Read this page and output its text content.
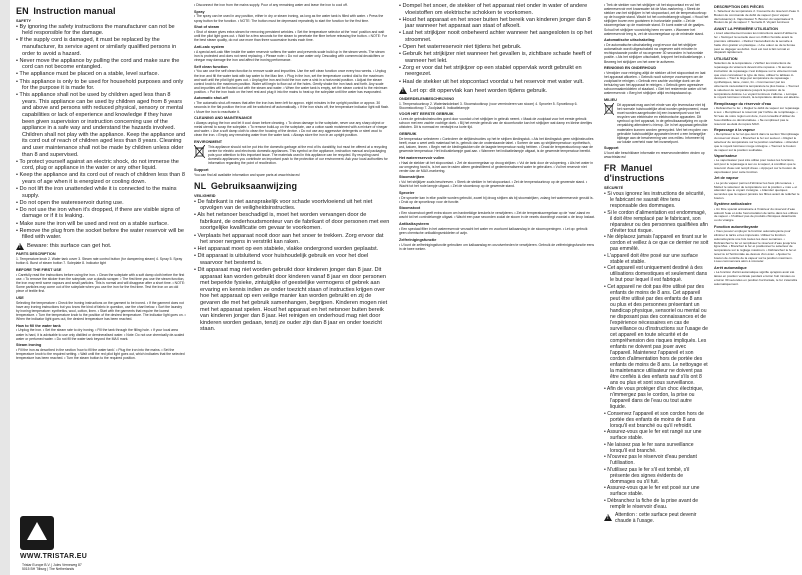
EN Instruction manual
SAFETY

• By ignoring the safety instructions the manufacturer can not be held responsible for the damage.

• If the supply cord is damaged, it must be replaced by the manufacturer, its service agent or similarly qualified persons in order to avoid a hazard.

• Never move the appliance by pulling the cord and make sure the cord can not become entangled.

• The appliance must be placed on a stable, level surface.

• This appliance is only to be used for household purposes and only for the purpose it is made for.

• This appliance shall not be used by children aged less than 8 years. This appliance can be used by children aged from 8 years and above and persons with reduced physical, sensory or mental capabilities or lack of experience and knowledge if they have been given supervision or instruction concerning use of the appliance in a safe way and understand the hazards involved. Children shall not play with the appliance. Keep the appliance and its cord out of reach of children aged less than 8 years. Cleaning and user maintenance shall not be made by children unless older than 8 and supervised.

• To protect yourself against an electric shock, do not immerse the cord, plug or appliance in the water or any other liquid.

• Keep the appliance and its cord out of reach of children less than 8 years of age when it is energized or cooling down.

• Do not lift the iron unattended while it is connected to the mains supply.

• Do not open the watereservoir during use.

• Do not use the iron when it's dropped, if there are visible signs of damage or if it is leaking.

• Make sure the iron will be used and rest on a stable surface.

• Remove the plug from the socket before the water reservoir will be filled with water.

!
Beware: this surface can get hot.
PARTS DESCRIPTION

1. Temperature knob 2. Water tank cover 3. Steam rate control button (for dampening steam) 4. Spray 5. Spray button 6. Burst of steam button 7. Soleplate 8. Indicator light

BEFORE THE FIRST USE

• Carefully read the instructions before using the iron. • Clean the soleplate with a soft damp cloth before the first use. • To remove the sticker from the soleplate, use a plastic scraper. • The first time you use the steam function, the iron may emit some vapours and small particles. This is normal and will disappear after a short time. • NOTE: Some particles may come out of the soleplate when you use the iron for the first time. Test the iron on an old piece of textile first.

USE

Selecting the temperature • Check the ironing instructions on the garment to be ironed. • If the garment does not have any ironing instructions but you know the kind of fabric in question, use the chart below. • Sort the laundry by ironing temperature: synthetics, wool, cotton, linen. • Start with the garments that require the lowest temperature. • Turn the temperature knob to the position of the desired temperature. The indicator light goes on. • When the indicator light goes out, the desired temperature has been reached.

How to fill the water tank

• Unplug the iron. • Set the steam rate to dry ironing. • Fill the tank through the filling hole. • If your local area water is hard, it is advisable to use only distilled or demineralised water. • Note: Do not use chemically de-scaled water or perfumed water. • Do not fill the water tank beyond the MAX mark.

Steam ironing

• Fill the iron as described in the section 'how to fill the water tank'. • Plug the iron into the mains. • Set the temperature knob to the required setting. • Wait until the red pilot light goes out, which indicates that the selected temperature has been reached. • Turn the steam button to the required position.

WWW.TRISTAR.EU
Tristar Europe B.V. | Jules Verneweg 87
5015 BH Tilburg | The Netherlands

• Disconnect the iron from the mains supply. Pour of any remaining water and leave the iron to cool off.

Spray

• The spray can be used in any position, either in dry or steam ironing, as long as the water tank is filled with water. • Press the spray button for the function. • NOTE: The button must be depressed repeatedly to start the function for the first time.

Shot of steam

• Shot of steam gives extra steam for removing persistent wrinkles. • Set the temperature selector at the 'max' position and wait until the pilot light goes out. • Wait for a few seconds for the steam to penetrate the fibre before releasing the button. • NOTE: For the best steam quality, do not use more than three successive bursts each time.

Anti-calc system

• A special anti-calc filter inside the water reservoir softens the water and prevents scale build up in the steam vents. The steam iron is protected and does not need replacing. • Please note: • Do not use water only. Descaling with commercial decalcifiers or vinegar may damage the iron and affect the ironing performance.

Self clean function

• You can use the self clean function to remove scale and impurities. Use the self clean function once every two weeks. • Unplug the iron and fill the water tank with tap water to the Max line. • Plug in the iron, set the temperature control dial to the maximum and wait until the pilot light goes out. • Unplug the iron and hold the iron over a sink in a horizontal position. • Adjust the steam control knob to the maximum position. Water will begin to flow out of the holes. Gently shake the iron back and forth. Any scale and impurities will be flushed out with the steam and water. • When the water tank is empty, set the steam control to the minimum position. • Put the iron back on the heel rest and plug it into the mains to heat up the soleplate until the water has evaporated.

Automatic shut-off

• The automatic shut-off means that after the iron has been left for approx. eight minutes in the upright position or approx. 30 seconds in the flat position the iron will be switched off automatically. • If the iron shuts off, the temperature indicator light will flash. • Move the iron to reactivate it.

CLEANING AND MAINTENANCE

• Always unplug the iron and let it cool down before cleaning. • To clean damage to the soleplate, never use any sharp object or metal utensil to scrap the soleplate. • To remove build-up on the soleplate, use a cotton swab moistened with a mixture of vinegar and water. • Use a soft damp cloth to clean the housing of the device. • Do not use any aggressive detergents or steel wool to clean the iron. • Empty any remaining water from the water tank. • Always store the iron in an upright position.

ENVIRONMENT

This appliance should not be put into the domestic garbage at the end of its durability, but must be offered at a recycling centre for electric and electronic domestic appliances. This symbol on the appliance, instruction manual and packaging puts your attention to this important issue. The materials used in this appliance can be recycled. By recycling used domestic appliances you contribute an important push to the protection of our environment. Ask your local authorities for information regarding the point of recollection.

Support

You can find all available information and spare parts at www.tristar.eu!

NL Gebruiksaanwijzing
VEILIGHEID

• De fabrikant is niet aansprakelijk voor schade voortvloeiend uit het niet opvolgen van de veiligheidsinstructies.

• Als het netsnoer beschadigd is, moet het worden vervangen door de fabrikant, de onderhoudsmonteur van de fabrikant of door personen met een soortgelijke kwalificatie om gevaar te voorkomen.

• Verplaats het apparaat nooit door aan het snoer te trekken. Zorg ervoor dat het snoer nergens in verstrikt kan raken.

• Het apparaat moet op een stabiele, vlakke ondergrond worden geplaatst.

• Dit apparaat is uitsluitend voor huishoudelijk gebruik en voor het doel waarvoor het bestemd is.

• Dit apparaat mag niet worden gebruikt door kinderen jonger dan 8 jaar. Dit apparaat kan worden gebruikt door kinderen vanaf 8 jaar en door personen met beperkte fysieke, zintuiglijke of geestelijke vermogens of gebrek aan ervaring en kennis indien ze onder toezicht staan of instructies krijgen over hoe het apparaat op een veilige manier kan worden gebruikt en zij de gevaren die met het gebruik samenhangen, begrijpen. Kinderen mogen niet met het apparaat spelen. Houd het apparaat en het netsnoer buiten bereik van kinderen jonger dan 8 jaar. Het reinigen en onderhoud mag niet door kinderen worden gedaan, tenzij ze ouder zijn dan 8 jaar en onder toezicht staan.

• Dompel het snoer, de stekker of het apparaat niet onder in water of andere vloeistoffen om elektrische schokken te voorkomen.

• Houd het apparaat en het snoer buiten het bereik van kinderen jonger dan 8 jaar wanneer het apparaat aan staat of afkoelt.

• Laat het strijkijzer nooit onbeheerd achter wanneer het aangesloten is op het stroomnet.

• Open het waterreservoir niet tijdens het gebruik.

• Gebruik het strijkijzer niet wanneer het gevallen is, zichtbare schade heeft of wanneer het lekt.

• Zorg er voor dat het strijkijzer op een stabiel oppervlak wordt gebruikt en neergezet.

• Haal de stekker uit het stopcontact voordat u het reservoir met water vult.

!
Let op: dit oppervlak kan heet worden tijdens gebruik.
ONDERDELENBESCHRIJVING

1. Temperatuurknop 2. Watertankdeksel 3. Stoomstootknop (voor verminderen van stoom) 4. Sproeier 5. Sproeiknop 6. Stoomstootknop 7. Zoolplaat 8. Indicatielampje

VOOR HET EERSTE GEBRUIK

• Lees de gebruiksinstructies goed door voordat u het strijkijzer in gebruik neemt. • Maak de zoolplaat voor het eerste gebruik schoon met een zachte vochtige doek. • Bij het eerste gebruik van de stoomfunctie kan het strijkijzer wat damp en kleine deeltjes uitstoten. Dit is normaal en verdwijnt na korte tijd.

GEBRUIK

De temperatuur selecteren • Controleer de strijkinstructies op het te strijken kledingstuk. • Als het kledingstuk geen strijkinstructies heeft, maar u weet welk materiaal het is, gebruik dan de onderstaande tabel. • Sorteer de was op strijktemperatuur: synthetisch, wol, katoen, linnen. • Begin met de kledingstukken die de laagste temperatuur nodig hebben. • Draai de temperatuurknop naar de gewenste temperatuur. Het indicatielampje gaat aan. • Wanneer het indicatielampje uitgaat, is de gewenste temperatuur bereikt.

Het waterreservoir vullen

• Haal de stekker uit het stopcontact. • Zet de stoomregelaar op droog strijken. • Vul de tank door de vulopening. • Als het water in uw omgeving hard is, is het aan te raden alleen gedestilleerd of gedemineraliseerd water te gebruiken. • Vul het reservoir niet verder dan de MAX-markering.

Stoomstrijken

• Vul het strijkijzer zoals beschreven. • Steek de stekker in het stopcontact. • Zet de temperatuurknop op de gewenste stand. • Wacht tot het rode lampje uitgaat. • Zet de stoomknop op de gewenste stand.

Sproeier

• De sproeier kan in elke positie worden gebruikt, zowel bij droog strijken als bij stoomstrijken, zolang het waterreservoir gevuld is. • Druk op de sproeiknop voor de functie.

Stoomstoot

• Een stoomstoot geeft extra stoom om hardnekkige kreukels te verwijderen. • Zet de temperatuurregelaar op de 'max'-stand en wacht tot het controlelampje uitgaat. • Wacht een paar seconden zodat de stoom in de vezels doordringt voordat u de knop loslaat.

Antikalksysteem

• Een speciaal filter in het waterreservoir verzacht het water en voorkomt kalkaanslag in de stoomopeningen. • Let op: gebruik geen chemische ontkalkingsmiddelen of azijn.

Zelfreinigingsfunctie

• U kunt de zelfreinigingsfunctie gebruiken om kalkaanslag en onzuiverheden te verwijderen. Gebruik de zelfreinigingsfunctie eens in de twee weken.

• Trek de stekker van het strijkijzer uit het stopcontact en vul het waterreservoir met kraanwater tot de Max-markering. • Steek de stekker van het strijkijzer in het stopcontact, zet de temperatuurknop op de hoogste stand. Wacht tot het controlelampje uitgaat. • Houd het strijkijzer boven een gootsteen in horizontale positie. • Zet de stoomregelaar op de maximale stand. Er komt water uit de gaatjes. Schud het strijkijzer voorzichtig heen en weer. • Wanneer het waterreservoir leeg is, zet de stoomregelaar op de minimale stand.

Automatische uitschakeling

• De automatische uitschakeling zorgt ervoor dat het strijkijzer automatisch wordt uitgeschakeld na ongeveer acht minuten in rechtopstaande positie of na ongeveer 30 seconden in horizontale positie. • Als het strijkijzer uitschakelt, knippert het indicatielampje. • Beweeg het strijkijzer om het weer te activeren.

REINIGING EN ONDERHOUD

• Verwijder voor reiniging altijd de stekker uit het stopcontact en laat het apparaat afkoelen. • Gebruik nooit scherpe voorwerpen om de zoolplaat te reinigen. • Gebruik een zachte vochtige doek om de behuizing van het apparaat te reinigen. • Gebruik geen agressieve schoonmaakmiddelen of staalwol. • Giet het resterende water uit het waterreservoir. • Berg het strijkijzer altijd rechtopstaand op.

MILIEU

Dit apparaat mag aan het einde van zijn levensduur niet bij het normale huishoudelijke afval worden gedeponeerd, maar moet worden aangeboden bij een inzamelpunt voor het recyclen van elektrische en elektronische apparaten. Dit symbool op het apparaat, in de gebruiksaanwijzing en op de verpakking attendeert u hierop. De in het apparaat gebruikte materialen kunnen worden gerecycled. Met het recyclen van gebruikte huishoudelijke apparaten levert u een belangrijke bijdrage aan de bescherming van ons milieu. Informeer bij uw lokale overheid naar het inzamelpunt.

Support

U kunt alle beschikbare informatie en reserveonderdelen vinden op www.tristar.eu!

FR Manuel d'instructions
SÉCURITÉ

• Si vous ignorez les instructions de sécurité, le fabricant ne saurait être tenu responsable des dommages.

• Si le cordon d'alimentation est endommagé, il doit être remplacé par le fabricant, son réparateur ou des personnes qualifiées afin d'éviter tout risque.

• Ne déplacez jamais l'appareil en tirant sur le cordon et veillez à ce que ce dernier ne soit pas emmêlé.

• L'appareil doit être posé sur une surface stable et stable.

• Cet appareil est uniquement destiné à des utilisations domestiques et seulement dans le but pour lequel il est fabriqué.

• Cet appareil ne doit pas être utilisé par des enfants de moins de 8 ans. Cet appareil peut être utilisé par des enfants de 8 ans ou plus et des personnes présentant un handicap physique, sensoriel ou mental ou ne disposant pas des connaissances et de l'expérience nécessaires en cas de surveillance ou d'instructions sur l'usage de cet appareil en toute sécurité et de compréhension des risques impliqués. Les enfants ne doivent pas jouer avec l'appareil. Maintenez l'appareil et son cordon d'alimentation hors de portée des enfants de moins de 8 ans. Le nettoyage et la maintenance utilisateur ne doivent pas être confiés à des enfants sauf s'ils ont 8 ans ou plus et sont sous surveillance.

• Afin de vous protéger d'un choc électrique, n'immergez pas le cordon, la prise ou l'appareil dans de l'eau ou tout autre liquide.

• Conservez l'appareil et son cordon hors de portée des enfants de moins de 8 ans lorsqu'il est branché ou qu'il refroidit.

• Assurez-vous que le fer est rangé sur une surface stable.

• Ne laissez pas le fer sans surveillance lorsqu'il est branché.

• N'ouvrez pas le réservoir d'eau pendant l'utilisation.

• N'utilisez pas le fer s'il est tombé, s'il présente des signes évidents de dommages ou s'il fuit.

• Assurez-vous que le fer est posé sur une surface stable.

• Débranchez la fiche de la prise avant de remplir le réservoir d'eau.

!
Attention : cette surface peut devenir chaude à l'usage.
DESCRIPTION DES PIÈCES

1. Sélecteur de température 2. Couvercle du réservoir d'eau 3. Bouton de commande de débit de vapeur (pour vapeur décroissante) 4. Vaporisateur 5. Bouton du vaporisateur 6. Bouton de jet de vapeur 7. Semelle 8. Voyant lumineux

AVANT LA PREMIÈRE UTILISATION

• Lisez attentivement toutes les instructions avant d'utiliser le fer. • Nettoyez la semelle avec un chiffon humide avant la première utilisation. • Retirez l'autocollant de la semelle à l'aide d'un grattoir en plastique. • Une odeur ou de la fumée peut se dégager au début. Ceci est tout à fait normal et disparaît rapidement.

UTILISATION

Sélection de la température • Vérifiez les instructions de repassage du vêtement devant être repassé. • Si aucune instruction de repassage n'est indiquée sur le vêtement mais que vous connaissez le type de tissu, utilisez le tableau ci-dessous. • Triez le linge par température de repassage : synthétiques, laine, coton, lin. • Commencez par les vêtements nécessitant la température la plus basse. • Tournez le sélecteur de température jusqu'à la position de la température désirée. Le voyant lumineux s'allume. • Lorsque le voyant lumineux s'éteint, la température désirée est atteinte.

Remplissage du réservoir d'eau

• Débranchez le fer. • Réglez le débit de vapeur sur repassage à sec. • Remplissez le réservoir par l'orifice de remplissage. • Si l'eau de votre région est dure, il est conseillé d'utiliser de l'eau distillée ou déminéralisée. • Ne remplissez pas le réservoir au-delà du repère MAX.

Repassage à la vapeur

• Remplissez le fer tel que décrit dans la section 'Remplissage du réservoir d'eau'. • Branchez le fer sur secteur. • Réglez le sélecteur de température sur la position souhaitée. • Attendez que le voyant lumineux rouge s'éteigne. • Tournez le bouton de vapeur sur la position souhaitée.

Vaporisateur

• Le vaporisateur peut être utilisé pour toutes les fonctions, soit pour le repassage à sec ou à vapeur, à condition que le réservoir d'eau soit rempli d'eau. • Appuyez sur le bouton du vaporisateur pour cette fonction.

Jet de vapeur

• Le jet de vapeur permet d'éliminer les faux plis tenaces. • Mettez le sélecteur de température sur la position « max » et attendez que le voyant s'éteigne. • Attendez quelques secondes que la vapeur pénètre les fibres avant de relâcher le bouton.

Système anticalcaire

• Un filtre spécial anticalcaire à l'intérieur du réservoir d'eau adoucit l'eau et évite l'accumulation de tartre dans les orifices de vapeur. • N'utilisez pas de produits chimiques détartrants ou du vinaigre.

Fonction autonettoyante

• Vous pouvez employer la fonction autonettoyante pour éliminer le tartre et les impuretés. Utilisez la fonction autonettoyante une fois toutes les deux semaines. • Débranchez le fer et remplissez le réservoir d'eau jusqu'à la ligne Max. • Branchez le fer et positionnez le sélecteur de température sur le réglage maximum. • Débranchez le fer et tenez-le à l'horizontale au-dessus d'un évier. • Ajustez le bouton de contrôle de la vapeur sur la position maximum. L'eau commencera alors à s'écouler.

Arrêt automatique

• La fonction d'arrêt automatique signifie qu'après avoir été laissé en position verticale pendant environ huit minutes ou environ 30 secondes en position horizontale, le fer s'éteindra automatiquement.
